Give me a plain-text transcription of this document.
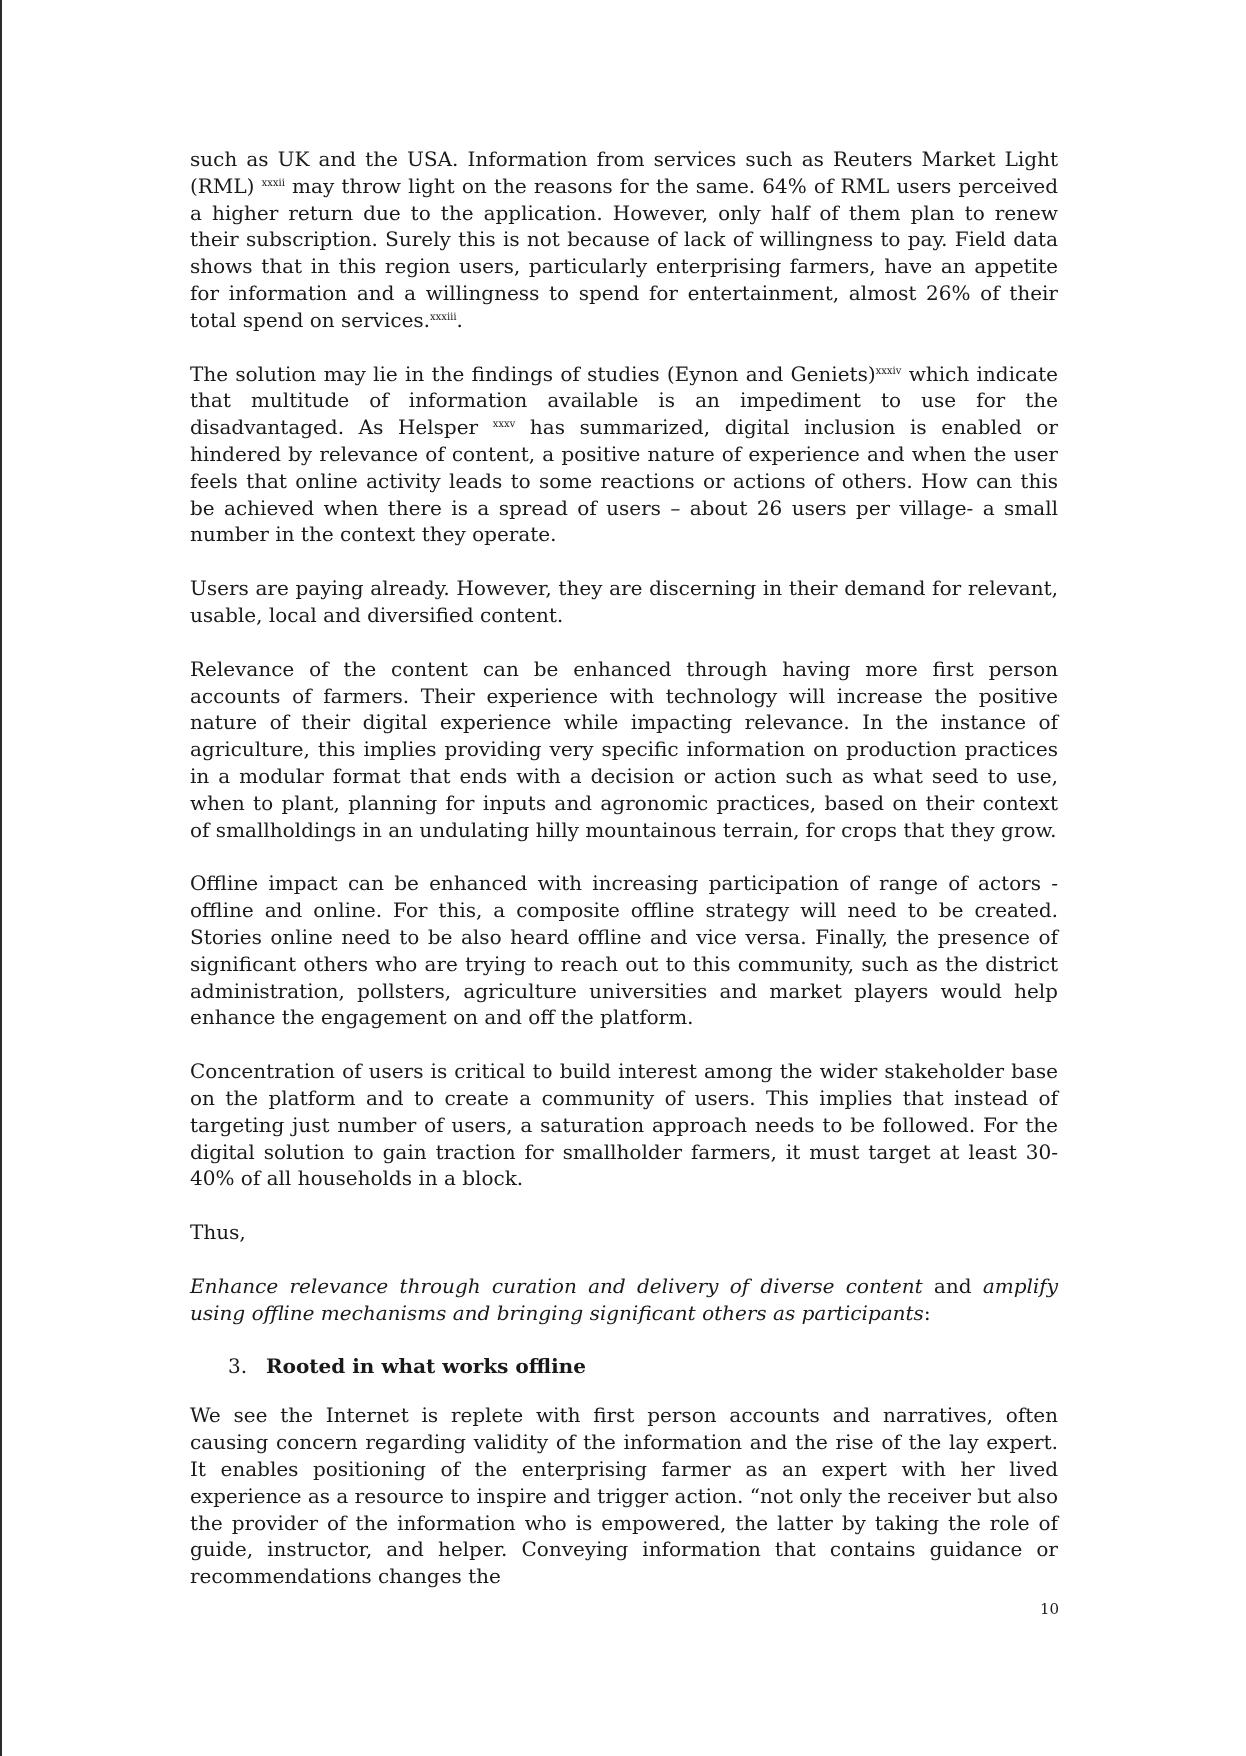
such as UK and the USA. Information from services such as Reuters Market Light (RML) $^{xxxii}$ may throw light on the reasons for the same. 64% of RML users perceived a higher return due to the application. However, only half of them plan to renew their subscription. Surely this is not because of lack of willingness to pay. Field data shows that in this region users, particularly enterprising farmers, have an appetite for information and a willingness to spend for entertainment, almost 26% of their total spend on services.$^{xxxiii}$.

The solution may lie in the findings of studies (Eynon and Geniets)$^{xxxiv}$ which indicate that multitude of information available is an impediment to use for the disadvantaged. As Helsper $^{xxxv}$ has summarized, digital inclusion is enabled or hindered by relevance of content, a positive nature of experience and when the user feels that online activity leads to some reactions or actions of others. How can this be achieved when there is a spread of users – about 26 users per village- a small number in the context they operate.

Users are paying already. However, they are discerning in their demand for relevant, usable, local and diversified content.

Relevance of the content can be enhanced through having more first person accounts of farmers. Their experience with technology will increase the positive nature of their digital experience while impacting relevance. In the instance of agriculture, this implies providing very specific information on production practices in a modular format that ends with a decision or action such as what seed to use, when to plant, planning for inputs and agronomic practices, based on their context of smallholdings in an undulating hilly mountainous terrain, for crops that they grow.

Offline impact can be enhanced with increasing participation of range of actors - offline and online. For this, a composite offline strategy will need to be created. Stories online need to be also heard offline and vice versa. Finally, the presence of significant others who are trying to reach out to this community, such as the district administration, pollsters, agriculture universities and market players would help enhance the engagement on and off the platform.

Concentration of users is critical to build interest among the wider stakeholder base on the platform and to create a community of users. This implies that instead of targeting just number of users, a saturation approach needs to be followed. For the digital solution to gain traction for smallholder farmers, it must target at least 30-40% of all households in a block.

Thus,

Enhance relevance through curation and delivery of diverse content and amplify using offline mechanisms and bringing significant others as participants:

3. Rooted in what works offline

We see the Internet is replete with first person accounts and narratives, often causing concern regarding validity of the information and the rise of the lay expert. It enables positioning of the enterprising farmer as an expert with her lived experience as a resource to inspire and trigger action. “not only the receiver but also the provider of the information who is empowered, the latter by taking the role of guide, instructor, and helper. Conveying information that contains guidance or recommendations changes the

10
